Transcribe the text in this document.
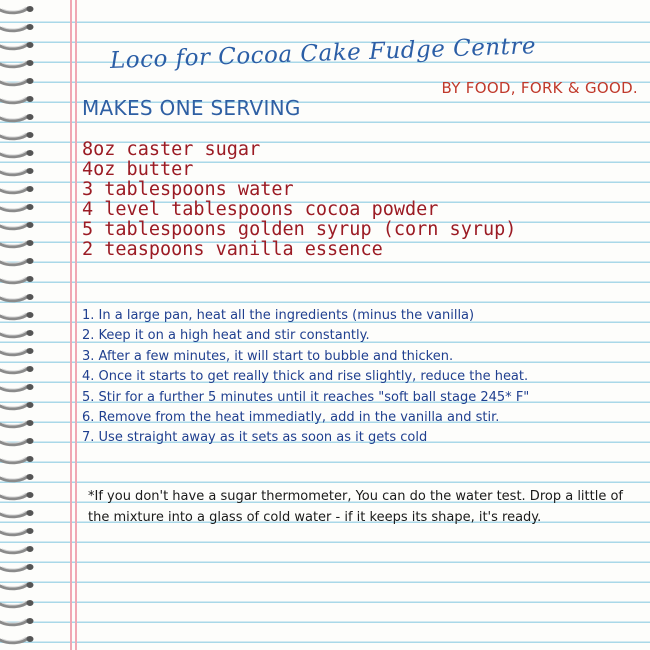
Loco for Cocoa Cake Fudge Centre
BY FOOD, FORK & GOOD.
MAKES ONE SERVING
8oz caster sugar
4oz butter
3 tablespoons water
4 level tablespoons cocoa powder
5 tablespoons golden syrup (corn syrup)
2 teaspoons vanilla essence
1. In a large pan, heat all the ingredients (minus the vanilla)
2. Keep it on a high heat and stir constantly.
3. After a few minutes, it will start to bubble and thicken.
4. Once it starts to get really thick and rise slightly, reduce the heat.
5. Stir for a further 5 minutes until it reaches "soft ball stage 245* F"
6. Remove from the heat immediatly, add in the vanilla and stir.
7. Use straight away as it sets as soon as it gets cold

*If you don't have a sugar thermometer, You can do the water test. Drop a little of the mixture into a glass of cold water - if it keeps its shape, it's ready.
